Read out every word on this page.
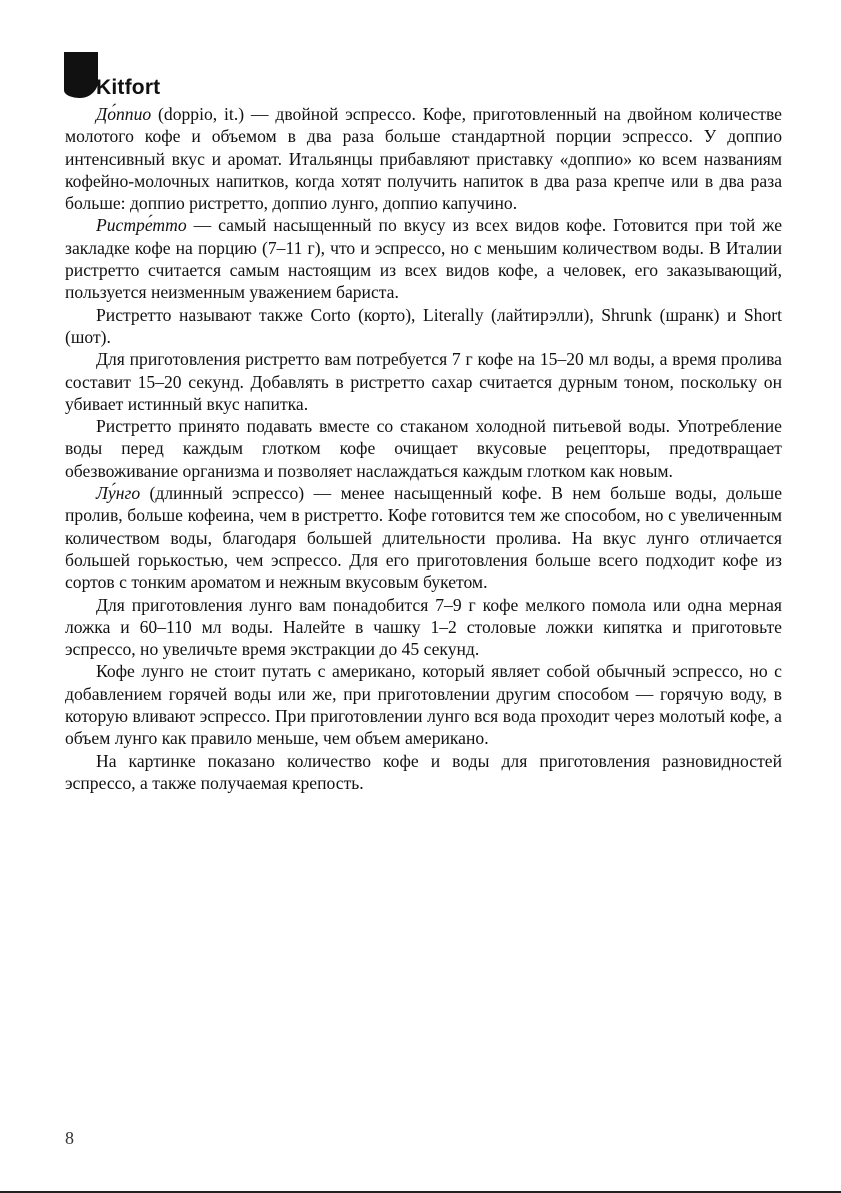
Kitfort

До́ппио (doppio, it.) — двойной эспрессо. Кофе, приготовленный на двойном количестве молотого кофе и объемом в два раза больше стандартной порции эспрессо. У доппио интенсивный вкус и аромат. Итальянцы прибавляют приставку «доппио» ко всем названиям кофейно-молочных напитков, когда хотят получить напиток в два раза крепче или в два раза больше: доппио ристретто, доппио лунго, доппио капучино.

Ристре́тто — самый насыщенный по вкусу из всех видов кофе. Готовится при той же закладке кофе на порцию (7–11 г), что и эспрессо, но с меньшим количеством воды. В Италии ристретто считается самым настоящим из всех видов кофе, а человек, его заказывающий, пользуется неизменным уважением бариста.

Ристретто называют также Corto (корто), Literally (лайтирэлли), Shrunk (шранк) и Short (шот).

Для приготовления ристретто вам потребуется 7 г кофе на 15–20 мл воды, а время пролива составит 15–20 секунд. Добавлять в ристретто сахар считается дурным тоном, поскольку он убивает истинный вкус напитка.

Ристретто принято подавать вместе со стаканом холодной питьевой воды. Употребление воды перед каждым глотком кофе очищает вкусовые рецепторы, предотвращает обезвоживание организма и позволяет наслаждаться каждым глотком как новым.

Лу́нго (длинный эспрессо) — менее насыщенный кофе. В нем больше воды, дольше пролив, больше кофеина, чем в ристретто. Кофе готовится тем же способом, но с увеличенным количеством воды, благодаря большей длительности пролива. На вкус лунго отличается большей горькостью, чем эспрессо. Для его приготовления больше всего подходит кофе из сортов с тонким ароматом и нежным вкусовым букетом.

Для приготовления лунго вам понадобится 7–9 г кофе мелкого помола или одна мерная ложка и 60–110 мл воды. Налейте в чашку 1–2 столовые ложки кипятка и приготовьте эспрессо, но увеличьте время экстракции до 45 секунд.

Кофе лунго не стоит путать с американо, который являет собой обычный эспрессо, но с добавлением горячей воды или же, при приготовлении другим способом — горячую воду, в которую вливают эспрессо. При приготовлении лунго вся вода проходит через молотый кофе, а объем лунго как правило меньше, чем объем американо.

На картинке показано количество кофе и воды для приготовления разновидностей эспрессо, а также получаемая крепость.

8
